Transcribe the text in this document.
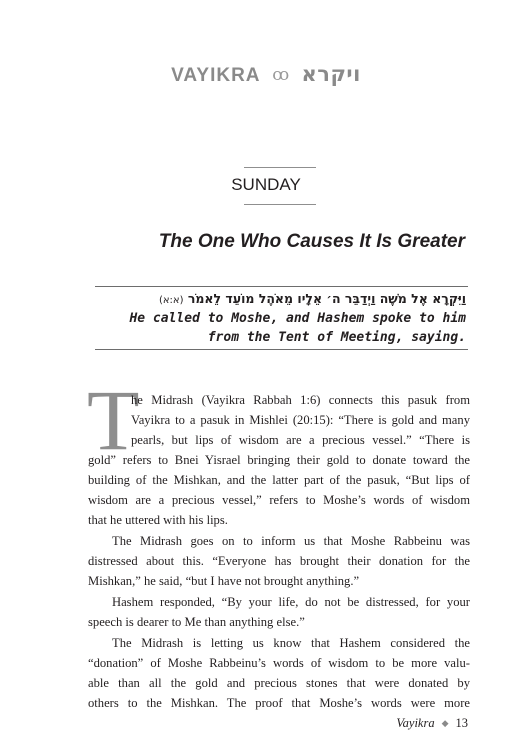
VAYIKRA ꝏ ויקרא
SUNDAY
The One Who Causes It Is Greater
וַיִּקְרָא אֶל מֹשֶׁה וַיְדַבֵּר ה׳ אֵלָיו מֵאֹהֶל מוֹעֵד לֵאמֹר (א:א)
He called to Moshe, and Hashem spoke to him
from the Tent of Meeting, saying.
T
he Midrash (Vayikra Rabbah 1:6) connects this pasuk from
Vayikra to a pasuk in Mishlei (20:15): “There is gold and many
pearls, but lips of wisdom are a precious vessel.” “There is
gold” refers to Bnei Yisrael bringing their gold to donate toward the
building of the Mishkan, and the latter part of the pasuk, “But lips of
wisdom are a precious vessel,” refers to Moshe’s words of wisdom
that he uttered with his lips.
The Midrash goes on to inform us that Moshe Rabbeinu was
distressed about this. “Everyone has brought their donation for the
Mishkan,” he said, “but I have not brought anything.”
Hashem responded, “By your life, do not be distressed, for your
speech is dearer to Me than anything else.”
The Midrash is letting us know that Hashem considered the
“donation” of Moshe Rabbeinu’s words of wisdom to be more valu-
able than all the gold and precious stones that were donated by
others to the Mishkan. The proof that Moshe’s words were more
Vayikra ◆ 13
